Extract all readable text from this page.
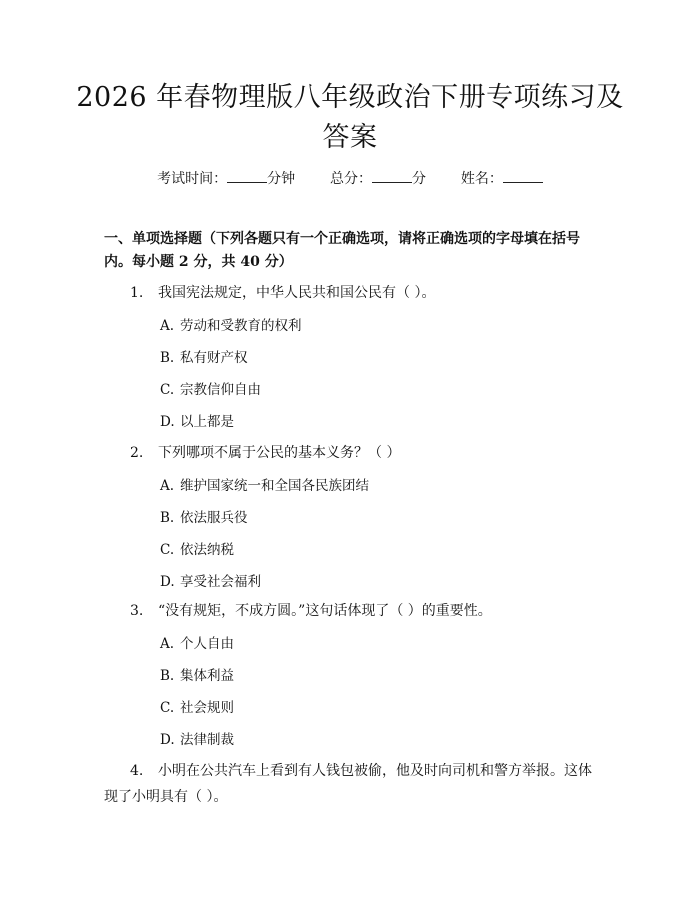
2026 年春物理版八年级政治下册专项练习及
答案
考试时间：	分钟 总分：	分 姓名：
一、单项选择题（下列各题只有一个正确选项，请将正确选项的字母填在括号内。每小题 2 分，共 40 分）
1. 我国宪法规定，中华人民共和国公民有（ ）。
A. 劳动和受教育的权利
B. 私有财产权
C. 宗教信仰自由
D. 以上都是
2. 下列哪项不属于公民的基本义务？（ ）
A. 维护国家统一和全国各民族团结
B. 依法服兵役
C. 依法纳税
D. 享受社会福利
3. “没有规矩，不成方圆。”这句话体现了（ ）的重要性。
A. 个人自由
B. 集体利益
C. 社会规则
D. 法律制裁
4. 小明在公共汽车上看到有人钱包被偷，他及时向司机和警方举报。这体现了小明具有（ ）。
